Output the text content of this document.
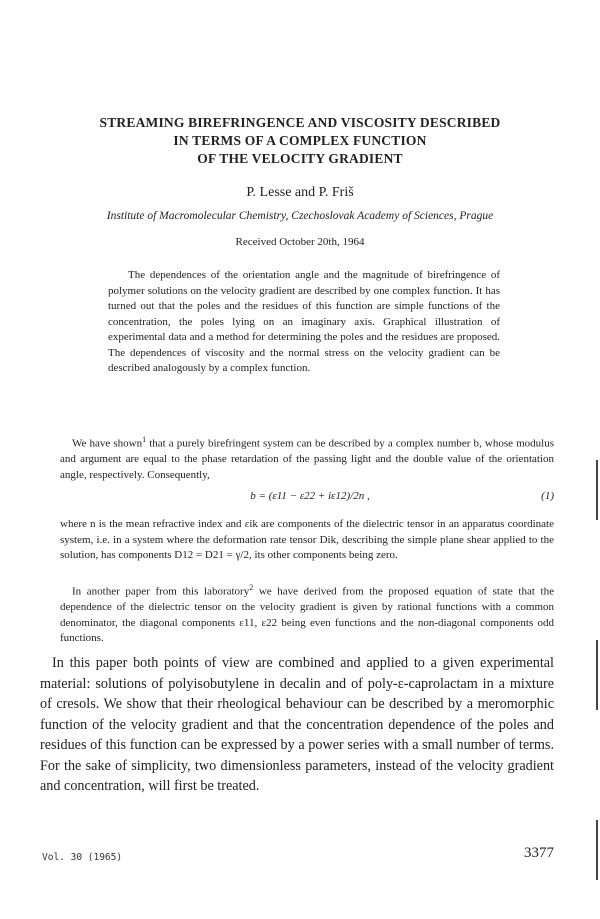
STREAMING BIREFRINGENCE AND VISCOSITY DESCRIBED
IN TERMS OF A COMPLEX FUNCTION
OF THE VELOCITY GRADIENT
P. Lesse and P. Friš
Institute of Macromolecular Chemistry, Czechoslovak Academy of Sciences, Prague
Received October 20th, 1964
The dependences of the orientation angle and the magnitude of birefringence of polymer solutions on the velocity gradient are described by one complex function. It has turned out that the poles and the residues of this function are simple functions of the concentration, the poles lying on an imaginary axis. Graphical illustration of experimental data and a method for determining the poles and the residues are proposed. The dependences of viscosity and the normal stress on the velocity gradient can be described analogously by a complex function.
We have shown$^1$ that a purely birefringent system can be described by a complex number b, whose modulus and argument are equal to the phase retardation of the passing light and the double value of the orientation angle, respectively. Consequently,
b = (ε11 − ε22 + iε12)/2n ,	(1)
where n is the mean refractive index and εik are components of the dielectric tensor in an apparatus coordinate system, i.e. in a system where the deformation rate tensor Dik, describing the simple plane shear applied to the solution, has components D12 = D21 = γ/2, its other components being zero.
In another paper from this laboratory$^2$ we have derived from the proposed equation of state that the dependence of the dielectric tensor on the velocity gradient is given by rational functions with a common denominator, the diagonal components ε11, ε22 being even functions and the non-diagonal components odd functions.
In this paper both points of view are combined and applied to a given experimental material: solutions of polyisobutylene in decalin and of poly-ε-caprolactam in a mixture of cresols. We show that their rheological behaviour can be described by a meromorphic function of the velocity gradient and that the concentration dependence of the poles and residues of this function can be expressed by a power series with a small number of terms. For the sake of simplicity, two dimensionless parameters, instead of the velocity gradient and concentration, will first be treated.
Vol. 30 (1965)	3377
